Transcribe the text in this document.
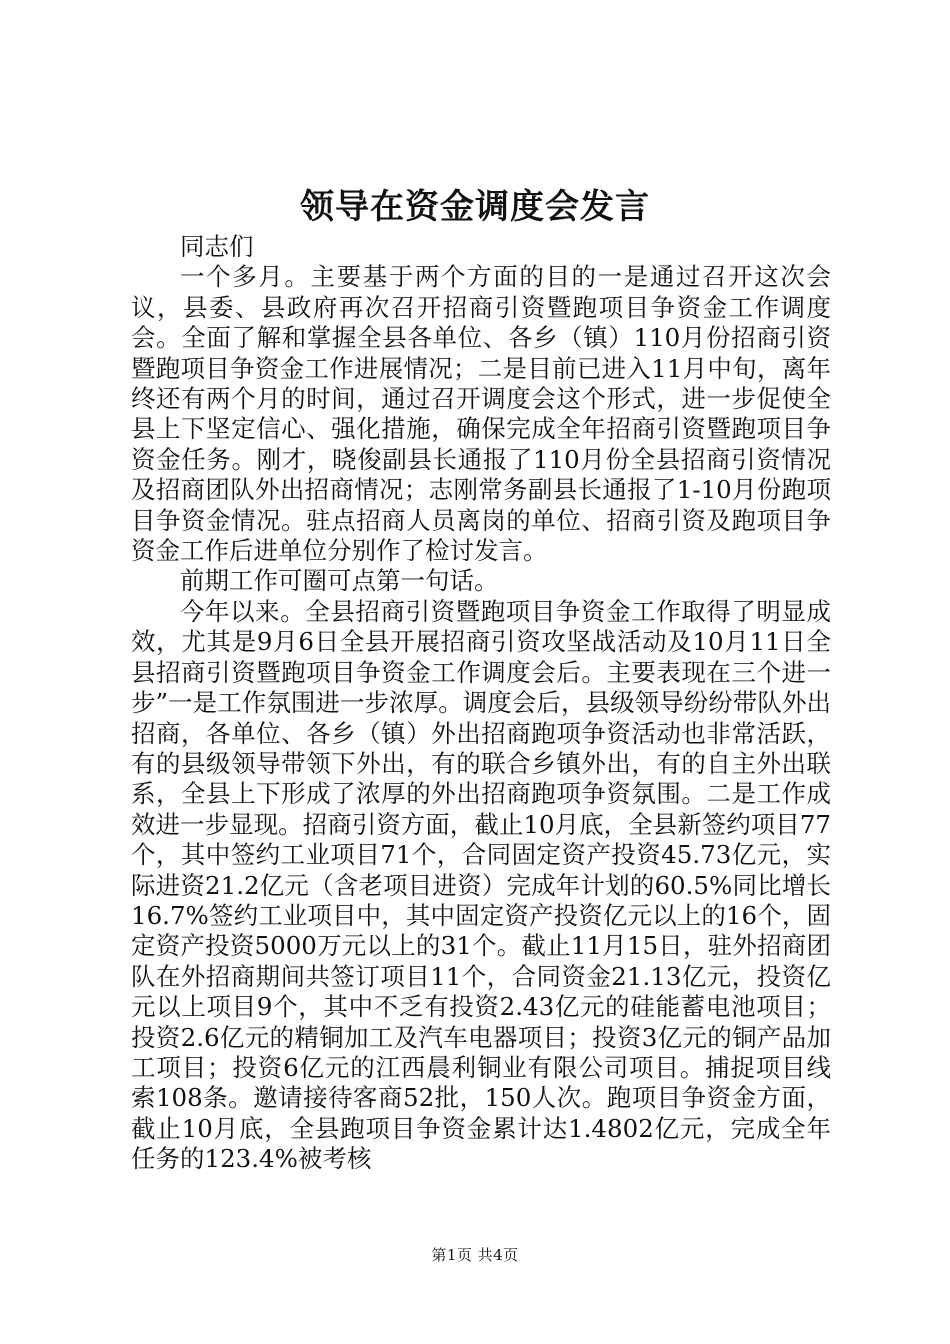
领导在资金调度会发言

同志们

一个多月。主要基于两个方面的目的一是通过召开这次会议，县委、县政府再次召开招商引资暨跑项目争资金工作调度会。全面了解和掌握全县各单位、各乡（镇）110月份招商引资暨跑项目争资金工作进展情况；二是目前已进入11月中旬，离年终还有两个月的时间，通过召开调度会这个形式，进一步促使全县上下坚定信心、强化措施，确保完成全年招商引资暨跑项目争资金任务。刚才，晓俊副县长通报了110月份全县招商引资情况及招商团队外出招商情况；志刚常务副县长通报了1-10月份跑项目争资金情况。驻点招商人员离岗的单位、招商引资及跑项目争资金工作后进单位分别作了检讨发言。

前期工作可圈可点第一句话。

今年以来。全县招商引资暨跑项目争资金工作取得了明显成效，尤其是9月6日全县开展招商引资攻坚战活动及10月11日全县招商引资暨跑项目争资金工作调度会后。主要表现在三个进一步”一是工作氛围进一步浓厚。调度会后，县级领导纷纷带队外出招商，各单位、各乡（镇）外出招商跑项争资活动也非常活跃，有的县级领导带领下外出，有的联合乡镇外出，有的自主外出联系，全县上下形成了浓厚的外出招商跑项争资氛围。二是工作成效进一步显现。招商引资方面，截止10月底，全县新签约项目77个，其中签约工业项目71个，合同固定资产投资45.73亿元，实际进资21.2亿元（含老项目进资）完成年计划的60.5%同比增长16.7%签约工业项目中，其中固定资产投资亿元以上的16个，固定资产投资5000万元以上的31个。截止11月15日，驻外招商团队在外招商期间共签订项目11个，合同资金21.13亿元，投资亿元以上项目9个，其中不乏有投资2.43亿元的硅能蓄电池项目；投资2.6亿元的精铜加工及汽车电器项目；投资3亿元的铜产品加工项目；投资6亿元的江西晨利铜业有限公司项目。捕捉项目线索108条。邀请接待客商52批，150人次。跑项目争资金方面，截止10月底，全县跑项目争资金累计达1.4802亿元，完成全年任务的123.4%被考核

第1页 共4页
